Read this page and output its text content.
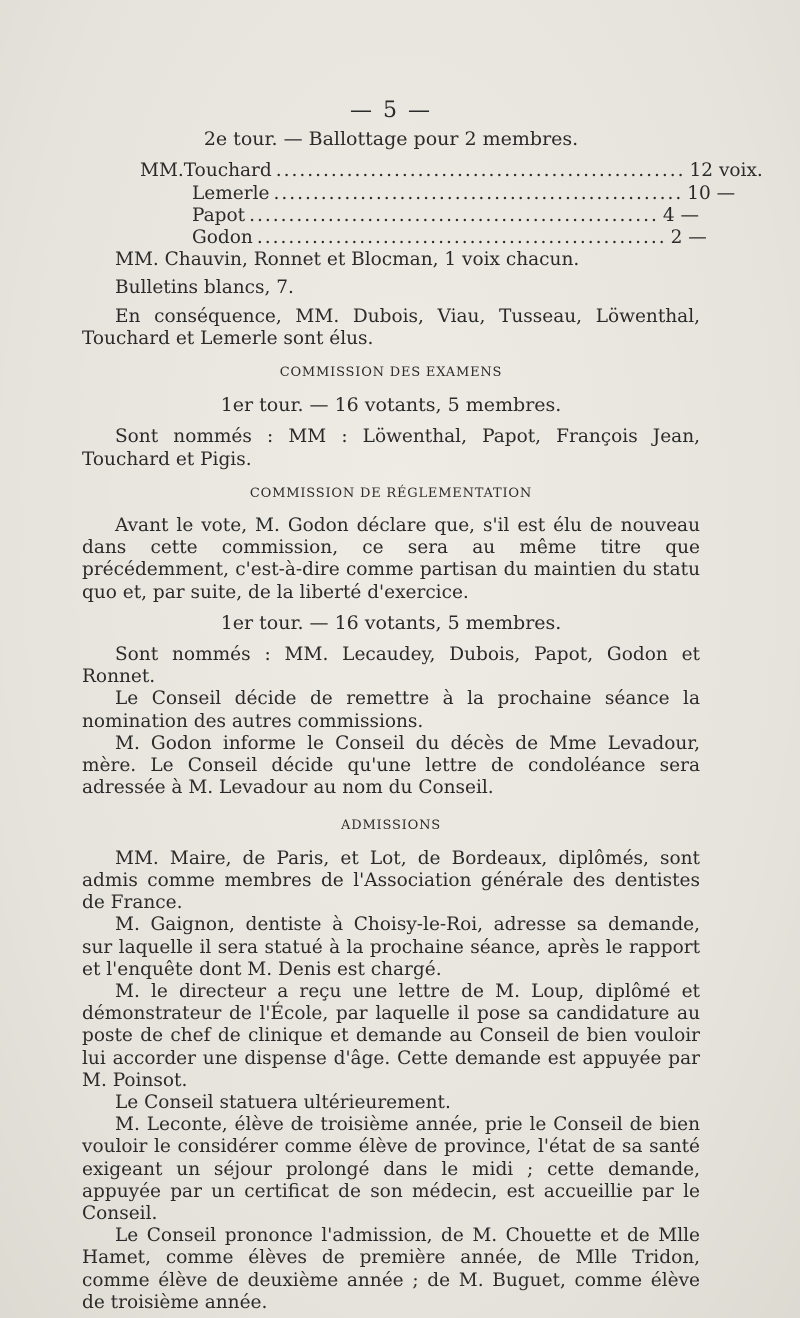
— 5 —
2e tour. — Ballottage pour 2 membres.
MM. Touchard .................................................... 12 voix.
Lemerle .................................................... 10 —
Papot .................................................... 4 —
Godon .................................................... 2 —

MM. Chauvin, Ronnet et Blocman, 1 voix chacun.

Bulletins blancs, 7.

En conséquence, MM. Dubois, Viau, Tusseau, Löwenthal, Touchard et Lemerle sont élus.

COMMISSION DES EXAMENS
1er tour. — 16 votants, 5 membres.

Sont nommés : MM : Löwenthal, Papot, François Jean, Touchard et Pigis.

COMMISSION DE RÉGLEMENTATION

Avant le vote, M. Godon déclare que, s'il est élu de nouveau dans cette commission, ce sera au même titre que précédemment, c'est-à-dire comme partisan du maintien du statu quo et, par suite, de la liberté d'exercice.

1er tour. — 16 votants, 5 membres.

Sont nommés : MM. Lecaudey, Dubois, Papot, Godon et Ronnet.

Le Conseil décide de remettre à la prochaine séance la nomination des autres commissions.

M. Godon informe le Conseil du décès de Mme Levadour, mère. Le Conseil décide qu'une lettre de condoléance sera adressée à M. Levadour au nom du Conseil.

ADMISSIONS

MM. Maire, de Paris, et Lot, de Bordeaux, diplômés, sont admis comme membres de l'Association générale des dentistes de France.

M. Gaignon, dentiste à Choisy-le-Roi, adresse sa demande, sur laquelle il sera statué à la prochaine séance, après le rapport et l'enquête dont M. Denis est chargé.

M. le directeur a reçu une lettre de M. Loup, diplômé et démonstrateur de l'École, par laquelle il pose sa candidature au poste de chef de clinique et demande au Conseil de bien vouloir lui accorder une dispense d'âge. Cette demande est appuyée par M. Poinsot.

Le Conseil statuera ultérieurement.

M. Leconte, élève de troisième année, prie le Conseil de bien vouloir le considérer comme élève de province, l'état de sa santé exigeant un séjour prolongé dans le midi ; cette demande, appuyée par un certificat de son médecin, est accueillie par le Conseil.

Le Conseil prononce l'admission, de M. Chouette et de Mlle Hamet, comme élèves de première année, de Mlle Tridon, comme élève de deuxième année ; de M. Buguet, comme élève de troisième année.
